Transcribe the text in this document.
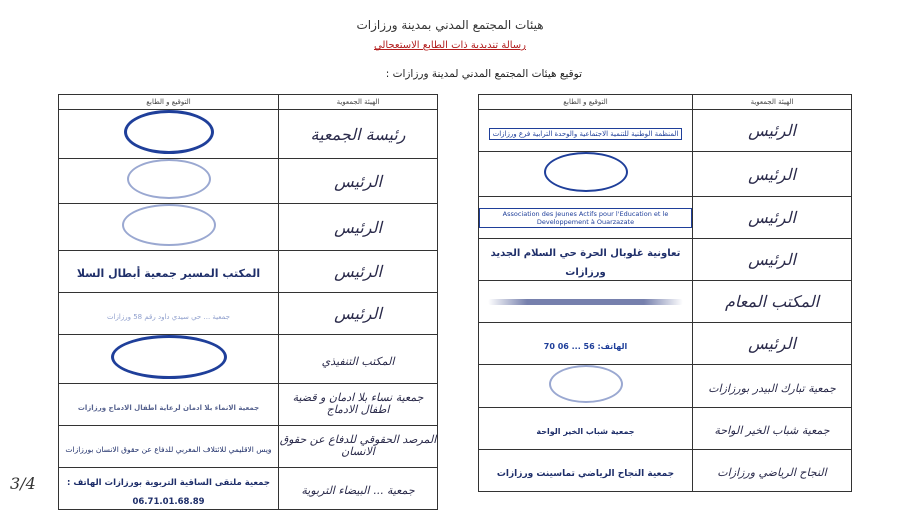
هيئات المجتمع المدني بمدينة ورزازات
رسالة تنديدية ذات الطابع الاستعجالي
توقيع هيئات المجتمع المدني لمدينة ورزازات :
الهيئة الجمعوية	التوقيع و الطابع
الرئيس	المنظمة الوطنية للتنمية الاجتماعية والوحدة الترابية فرع ورزازات
الرئيس	
الرئيس	Association des Jeunes Actifs pour l'Education et le Developpement à Ouarzazate
الرئيس	تعاونية غلوبال الحرة حي السلام الجديد ورزازات
المكتب المعام	

الرئيس	الهاتف: 56 ... 06 70
جمعية تبارك البيدر بورزازات	
جمعية شباب الخير الواحة	جمعية شباب الخير الواحة
النجاح الرياضي ورزازات	جمعية النجاح الرياضي تماسينت ورزازات
الهيئة الجمعوية	التوقيع و الطابع
رئيسة الجمعية	
الرئيس	
الرئيس	
الرئيس	المكتب المسير جمعية أبطال السلا
الرئيس	جمعية ... حي سيدي داود رقم 58 ورزازات
المكتب التنفيذي	
جمعية نساء بلا ادمان و قضية اطفال الادماج	جمعية الانماء بلا ادمان لرعاية اطفال الادماج ورزازات
المرصد الحقوقي للدفاع عن حقوق الانسان	ويس الاقليمي للائتلاف المغربي للدفاع عن حقوق الانسان بورزازات
جمعية ... البيضاء التربوية	جمعية ملتقى الساقية التربوية بورزازات الهاتف : 06.71.01.68.89
3/4
